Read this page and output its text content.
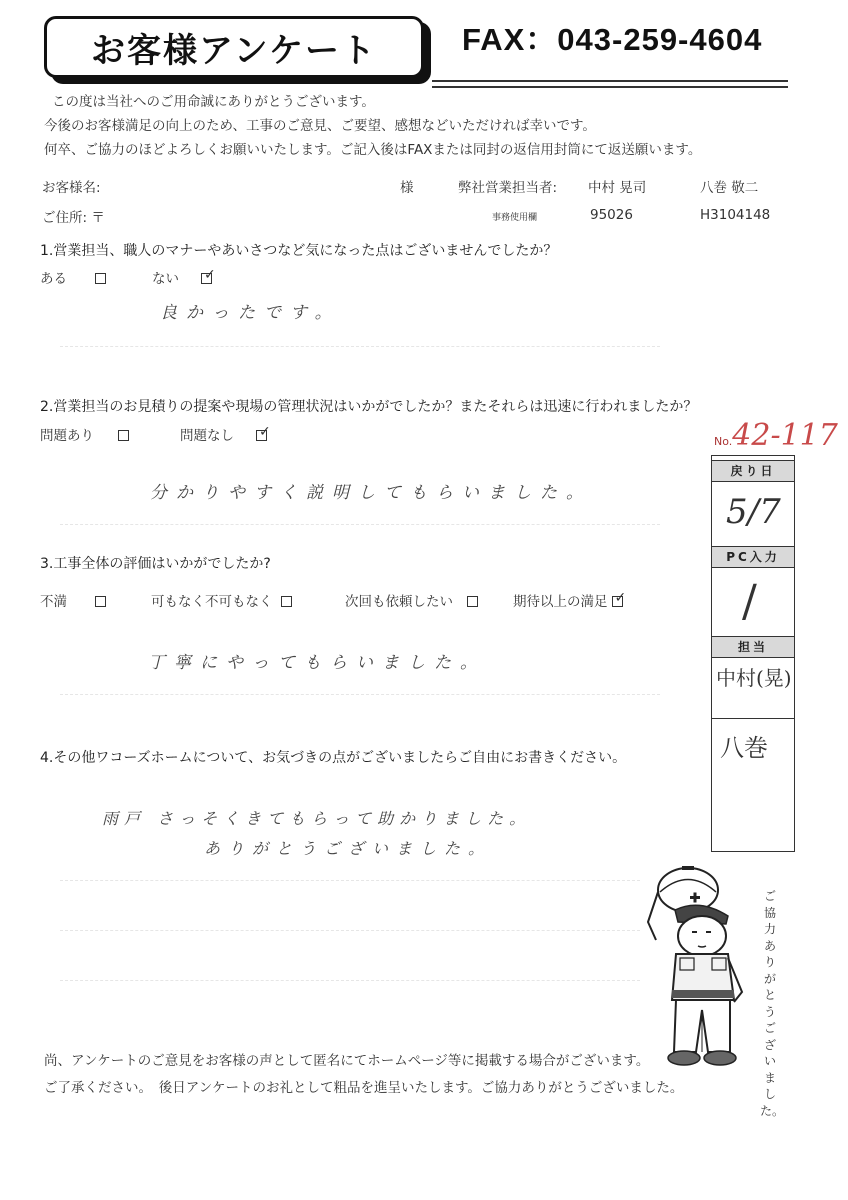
お客様アンケート	FAX：043-259-4604
この度は当社へのご用命誠にありがとうございます。
今後のお客様満足の向上のため、工事のご意見、ご要望、感想などいただければ幸いです。
何卒、ご協力のほどよろしくお願いいたします。ご記入後はFAXまたは同封の返信用封筒にて返送願います。
お客様名:	様	弊社営業担当者: 中村 晃司	八巻 敬二
ご住所: 〒	事務使用欄	95026	H3104148
1.営業担当、職人のマナーやあいさつなど気になった点はございませんでしたか？
ある	ない ✓
良かったです。
2.営業担当のお見積りの提案や現場の管理状況はいかがでしたか？またそれらは迅速に行われましたか？
問題あり	問題なし ✓
分かりやすく説明してもらいました。
3.工事全体の評価はいかがでしたか?
不満	可もなく不可もなく	次回も依頼したい	期待以上の満足 ✓
丁寧にやってもらいました。
4.その他ワコーズホームについて、お気づきの点がございましたらご自由にお書きください。
雨戸 さっそくきてもらって助かりました。
ありがとうございました。
No.42-117
戻り日
5/7
PC入力
/
担当
中村(晃)
八巻
ご協力ありがとうございました。
尚、アンケートのご意見をお客様の声として匿名にてホームページ等に掲載する場合がございます。
ご了承ください。　後日アンケートのお礼として粗品を進呈いたします。ご協力ありがとうございました。
